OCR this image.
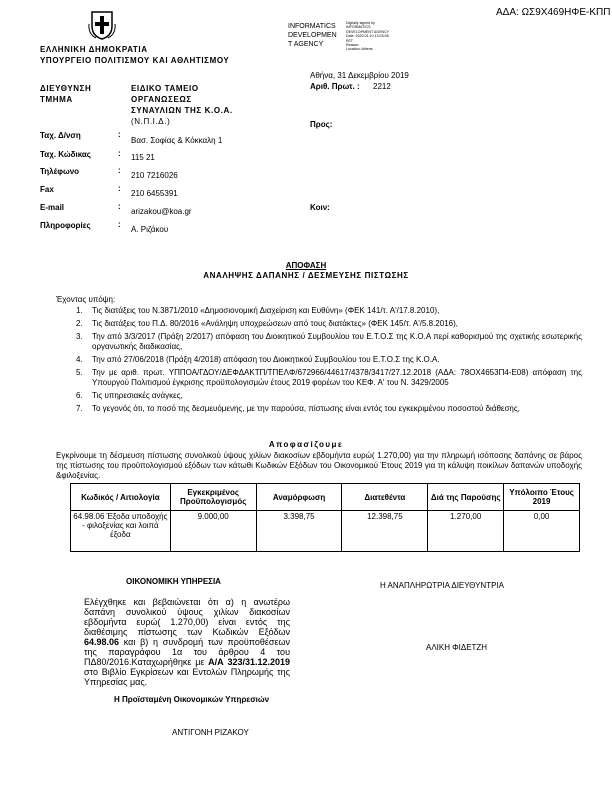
ΑΔΑ: ΩΣ9Χ469ΗΦΕ-ΚΠΠ
INFORMATICS
DEVELOPMEN
T AGENCY
Digitally signed by
INFORMATICS
DEVELOPMENT AGENCY
Date: 2020.01.10 13:03:08
EET
Reason:
Location: Athens
ΕΛΛΗΝΙΚΗ ΔΗΜΟΚΡΑΤΙΑ
ΥΠΟΥΡΓΕΙΟ ΠΟΛΙΤΙΣΜΟΥ ΚΑΙ ΑΘΛΗΤΙΣΜΟΥ
ΔΙΕΥΘΥΝΣΗ
ΤΜΗΜΑ
ΕΙΔΙΚΟ ΤΑΜΕΙΟ
ΟΡΓΑΝΩΣΕΩΣ
ΣΥΝΑΥΛΙΩΝ ΤΗΣ Κ.Ο.Α.
(Ν.Π.Ι.Δ.)
Αθήνα, 31 Δεκεμβρίου 2019
Αριθ. Πρωτ. : 2212
Προς:
Κοιν:
Ταχ. Δ/νση	:
Βασ. Σοφίας & Κόκκαλη 1
Ταχ. Κώδικας	: 115 21
Τηλέφωνο	:
210 7216026
Fax	:
210 6455391
E-mail	:
arizakou@koa.gr
Πληροφορίες	:
Α. Ριζάκου
ΑΠΟΦΑΣΗ
ΑΝΑΛΗΨΗΣ ΔΑΠΑΝΗΣ / ΔΕΣΜΕΥΣΗΣ ΠΙΣΤΩΣΗΣ
Έχοντας υπόψη:
1. Τις διατάξεις του Ν.3871/2010 «Δημοσιονομική Διαχείριση και Ευθύνη» (ΦΕΚ 141/τ. Α'/17.8.2010),
2. Τις διατάξεις του Π.Δ. 80/2016 «Ανάληψη υποχρεώσεων από τους διατάκτες» (ΦΕΚ 145/τ. Α'/5.8.2016),
3. Την από 3/3/2017 (Πράξη 2/2017) απόφαση του Διοικητικού Συμβουλίου του Ε.Τ.Ο.Σ της Κ.Ο.Α περί καθορισμού της σχετικής εσωτερικής οργανωτικής διαδικασίας,
4. Την από 27/06/2018 (Πράξη 4/2018) απόφαση του Διοικητικού Συμβουλίου του Ε.Τ.Ο.Σ της Κ.Ο.Α.
5. Την με αριθ. πρωτ. ΥΠΠΟΑ/ΓΔΟΥ/ΔΕΦΔΑΚΤΠ/ΤΠΕΛΦ/672966/44617/4378/3417/27.12.2018 (ΑΔΑ: 78ΟΧ4653Π4-Ε08) απόφαση της Υπουργού Πολιτισμού έγκρισης προϋπολογισμών έτους 2019 φορέων του ΚΕΦ. Α' του Ν. 3429/2005
6. Τις υπηρεσιακές ανάγκες,
7. Το γεγονός ότι, το ποσό της δεσμευόμενης, με την παρούσα, πίστωσης είναι εντός του εγκεκριμένου ποσοστού διάθεσης,
Αποφασίζουμε
Εγκρίνουμε τη δέσμευση πίστωσης συνολικού ύψους χιλίων διακοσίων εβδομήντα ευρώ( 1.270,00) για την πληρωμή ισόποσης δαπάνης σε βάρος της πίστωσης του προϋπολογισμού εξόδων των κάτωθι Κωδικών Εξόδων του Οικονομικού Έτους 2019 για τη κάλυψη ποικίλων δαπανών υποδοχής &φιλοξενίας.
Κωδικός / Αιτιολογία	Εγκεκριμένος Προϋπολογισμός	Αναμόρφωση	Διατεθέντα	Διά της Παρούσης	Υπόλοιπο Έτους 2019
64.98.06 Έξοδα υποδοχής - φιλοξενίας και λοιπά έξοδα	9.000,00	3.398,75	12.398,75	1.270,00	0,00
ΟΙΚΟΝΟΜΙΚΗ ΥΠΗΡΕΣΙΑ
Ελέγχθηκε και βεβαιώνεται ότι α) η ανωτέρω δαπάνη συνολικού ύψους χιλίων διακοσίων εβδομήντα ευρώ( 1.270,00) είναι εντός της διαθέσιμης πίστωσης των Κωδικών Εξόδων 64.98.06 και β) η συνδρομή των προϋποθέσεων της παραγράφου 1α του άρθρου 4 του ΠΔ80/2016.Καταχωρήθηκε με Α/Α 323/31.12.2019 στο Βιβλίο Εγκρίσεων και Εντολών Πληρωμής της Υπηρεσίας μας.
Η Προϊσταμένη Οικονομικών Υπηρεσιών
ΑΝΤΙΓΟΝΗ ΡΙΖΑΚΟΥ
Η ΑΝΑΠΛΗΡΩΤΡΙΑ ΔΙΕΥΘΥΝΤΡΙΑ
ΑΛΙΚΗ ΦΙΔΕΤΖΗ
